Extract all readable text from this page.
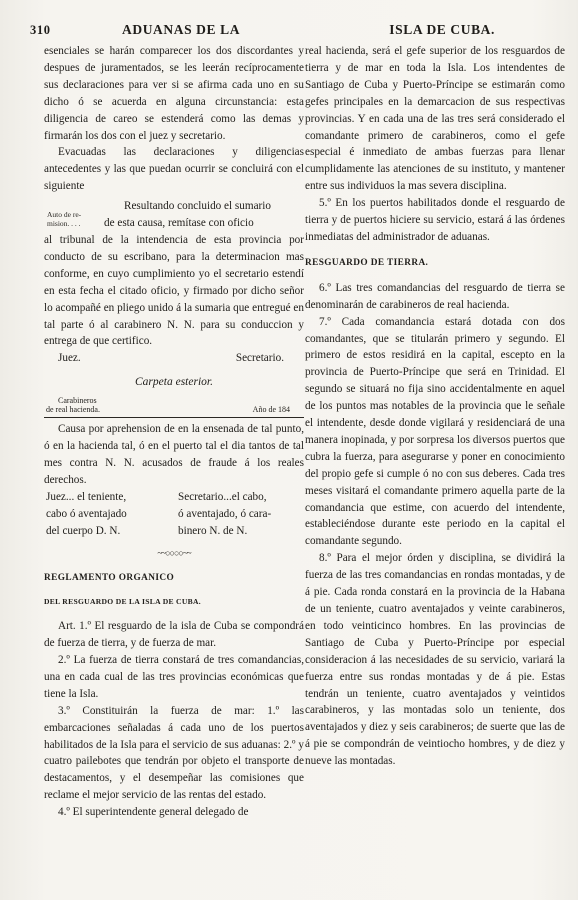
310	ADUANAS DE LA	ISLA DE CUBA.

esenciales se harán comparecer los dos discordantes y despues de juramentados, se les leerán recíprocamente sus declaraciones para ver si se afirma cada uno en su dicho ó se acuerda en alguna circunstancia: esta diligencia de careo se estenderá como las demas y firmarán los dos con el juez y secretario.

Evacuadas las declaraciones y diligencias antecedentes y las que puedan ocurrir se concluirá con el siguiente

Resultando concluido el sumario

de esta causa, remítase con oficio

al tribunal de la intendencia de esta provincia por conducto de su escribano, para la determinacion mas conforme, en cuyo cumplimiento yo el secretario estendí en esta fecha el citado oficio, y firmado por dicho señor lo acompañé en pliego unido á la sumaria que entregué en tal parte ó al carabinero N. N. para su conduccion y entrega de que certifico.

Juez.	Secretario.

Carpeta esterior.

Carabineros
de real hacienda.	Año de 184

Causa por aprehension de en la ensenada de tal punto, ó en la hacienda tal, ó en el puerto tal el dia tantos de tal mes contra N. N. acusados de fraude á los reales derechos.

Juez... el teniente,	Secretario...el cabo,
cabo ó aventajado	ó aventajado, ó cara-
del cuerpo D. N.	binero N. de N.
~~○○○○~~

REGLAMENTO ORGANICO

DEL RESGUARDO DE LA ISLA DE CUBA.

Art. 1.º El resguardo de la isla de Cuba se compondrá de fuerza de tierra, y de fuerza de mar.

2.º La fuerza de tierra constará de tres comandancias, una en cada cual de las tres provincias económicas que tiene la Isla.

3.º Constituirán la fuerza de mar: 1.º las embarcaciones señaladas á cada uno de los puertos habilitados de la Isla para el servicio de sus aduanas: 2.º y cuatro pailebotes que tendrán por objeto el transporte de destacamentos, y el desempeñar las comisiones que reclame el mejor servicio de las rentas del estado.

4.º El superintendente general delegado de

Auto de re-
mision. . . .

real hacienda, será el gefe superior de los resguardos de tierra y de mar en toda la Isla. Los intendentes de Santiago de Cuba y Puerto-Príncipe se estimarán como gefes principales en la demarcacion de sus respectivas provincias. Y en cada una de las tres será considerado el comandante primero de carabineros, como el gefe especial é inmediato de ambas fuerzas para llenar cumplidamente las atenciones de su instituto, y mantener entre sus individuos la mas severa disciplina.

5.º En los puertos habilitados donde el resguardo de tierra y de puertos hiciere su servicio, estará á las órdenes inmediatas del administrador de aduanas.

RESGUARDO DE TIERRA.

6.º Las tres comandancias del resguardo de tierra se denominarán de carabineros de real hacienda.

7.º Cada comandancia estará dotada con dos comandantes, que se titularán primero y segundo. El primero de estos residirá en la capital, escepto en la provincia de Puerto-Príncipe que será en Trinidad. El segundo se situará no fija sino accidentalmente en aquel de los puntos mas notables de la provincia que le señale el intendente, desde donde vigilará y residenciará de una manera inopinada, y por sorpresa los diversos puertos que cubra la fuerza, para asegurarse y poner en conocimiento del propio gefe si cumple ó no con sus deberes. Cada tres meses visitará el comandante primero aquella parte de la comandancia que estime, con acuerdo del intendente, estableciéndose durante este periodo en la capital el comandante segundo.

8.º Para el mejor órden y disciplina, se dividirá la fuerza de las tres comandancias en rondas montadas, y de á pie. Cada ronda constará en la provincia de la Habana de un teniente, cuatro aventajados y veinte carabineros, en todo veinticinco hombres. En las provincias de Santiago de Cuba y Puerto-Príncipe por especial consideracion á las necesidades de su servicio, variará la fuerza entre sus rondas montadas y de á pie. Estas tendrán un teniente, cuatro aventajados y veintidos carabineros, y las montadas solo un teniente, dos aventajados y diez y seis carabineros; de suerte que las de á pie se compondrán de veintiocho hombres, y de diez y nueve las montadas.
